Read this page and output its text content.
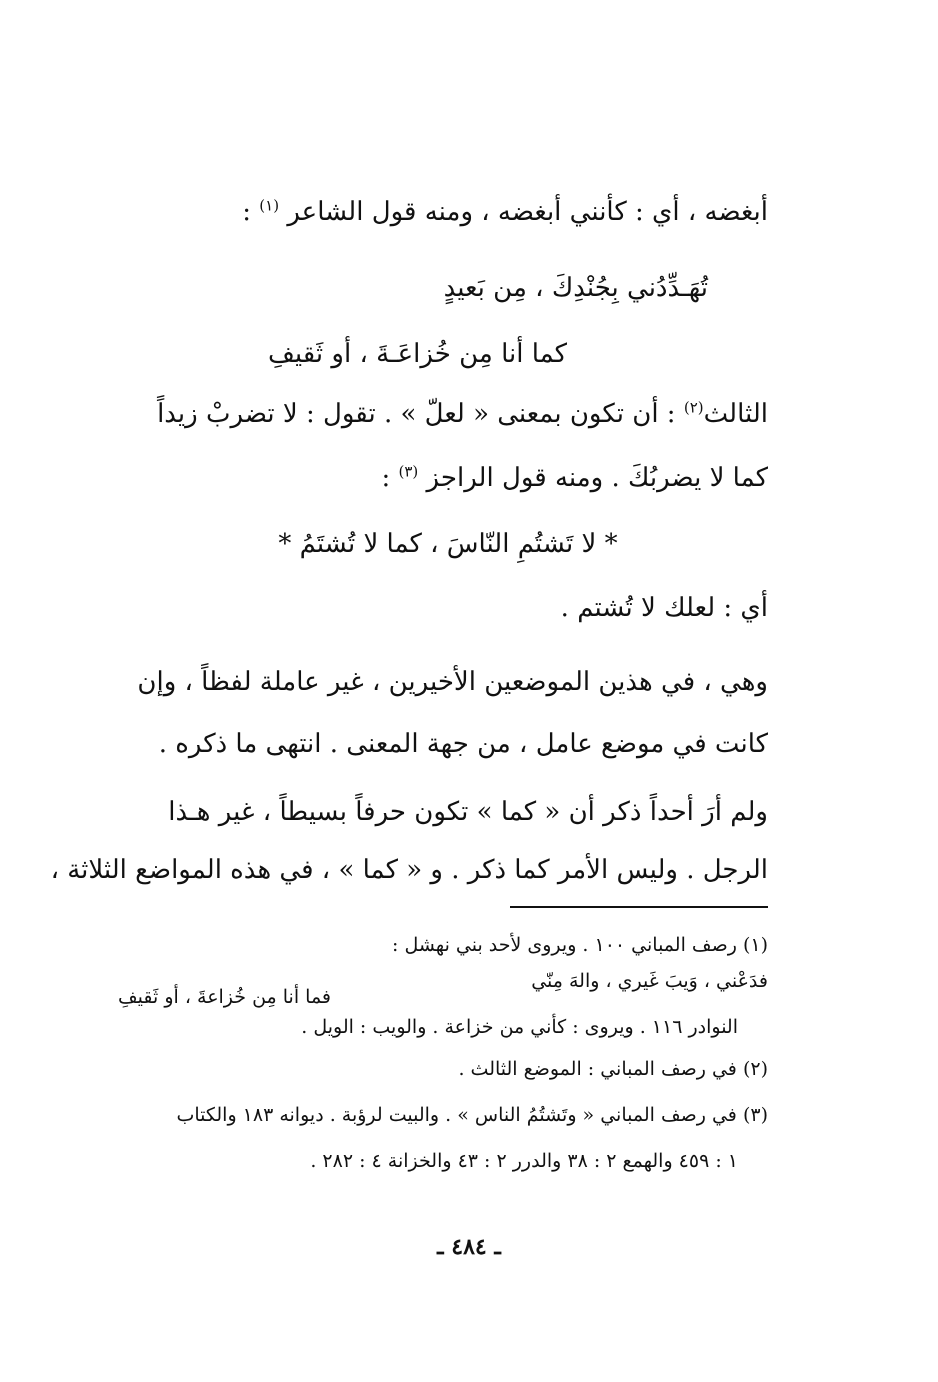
أبغضه ، أي : كأنني أبغضه ، ومنه قول الشاعر $^{(١)}$ :
تُهَـدِّدُني بِجُنْدِكَ ، مِن بَعيدٍ
كما أنا مِن خُزاعَـةَ ، أو ثَقيفِ
الثالث$^{(٢)}$ : أن تكون بمعنى « لعلّ » . تقول : لا تضربْ زيداً
كما لا يضربُكَ . ومنه قول الراجز $^{(٣)}$ :
* لا تَشتُمِ النّاسَ ، كما لا تُشتَمُ *
أي : لعلك لا تُشتم .
وهي ، في هذين الموضعين الأخيرين ، غير عاملة لفظاً ، وإن
كانت في موضع عامل ، من جهة المعنى . انتهى ما ذكره .
ولم أرَ أحداً ذكر أن « كما » تكون حرفاً بسيطاً ، غير هـذا
الرجل . وليس الأمر كما ذكر . و « كما » ، في هذه المواضع الثلاثة ،
(١) رصف المباني ١٠٠ . ويروى لأحد بني نهشل :
فدَعْني ، وَيبَ غَيري ، والهَ مِنّي
فما أنا مِن خُزاعةَ ، أو ثَقيفِ
النوادر ١١٦ . ويروى : كأني من خزاعة . والويب : الويل .
(٢) في رصف المباني : الموضع الثالث .
(٣) في رصف المباني « وتَشتُمُ الناس » . والبيت لرؤبة . ديوانه ١٨٣ والكتاب
١ : ٤٥٩ والهمع ٢ : ٣٨ والدرر ٢ : ٤٣ والخزانة ٤ : ٢٨٢ .
ـ ٤٨٤ ـ
